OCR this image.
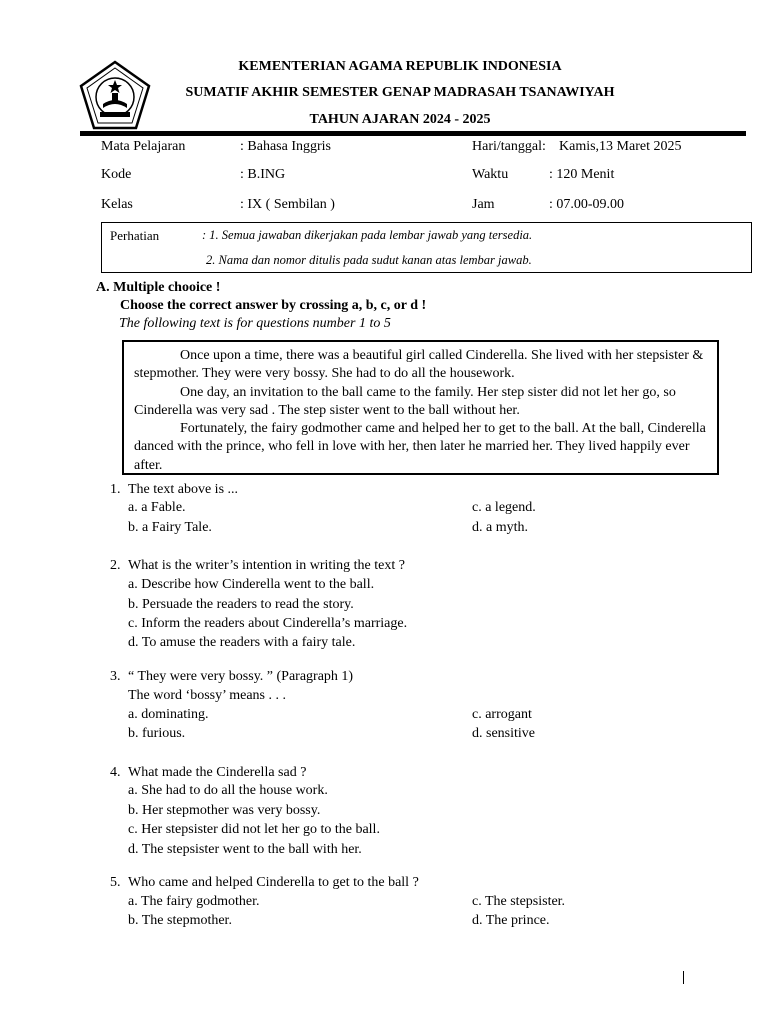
KEMENTERIAN AGAMA REPUBLIK INDONESIA
SUMATIF AKHIR SEMESTER GENAP MADRASAH TSANAWIYAH
TAHUN AJARAN 2024 - 2025
Mata Pelajaran	: Bahasa Inggris	Hari/tanggal: Kamis,13 Maret 2025
Kode	: B.ING	Waktu	: 120 Menit
Kelas	: IX ( Sembilan )	Jam	: 07.00-09.00
Perhatian	: 1. Semua jawaban dikerjakan pada lembar jawab yang tersedia.
2. Nama dan nomor ditulis pada sudut kanan atas lembar jawab.
A. Multiple chooice !
Choose the correct answer by crossing a, b, c, or d !
The following text is for questions number 1 to 5

Once upon a time, there was a beautiful girl called Cinderella. She lived with her stepsister & stepmother. They were very bossy. She had to do all the housework.

One day, an invitation to the ball came to the family. Her step sister did not let her go, so Cinderella was very sad . The step sister went to the ball without her.

Fortunately, the fairy godmother came and helped her to get to the ball. At the ball, Cinderella danced with the prince, who fell in love with her, then later he married her. They lived happily ever after.

1. The text above is ...
a. a Fable.
b. a Fairy Tale.
c. a legend.
d. a myth.
2. What is the writer’s intention in writing the text ?
a. Describe how Cinderella went to the ball.
b. Persuade the readers to read the story.
c. Inform the readers about Cinderella’s marriage.
d. To amuse the readers with a fairy tale.
3. “ They were very bossy. ” (Paragraph 1)
The word ‘bossy’ means . . .
a. dominating.
b. furious.
c. arrogant
d. sensitive
4. What made the Cinderella sad ?
a. She had to do all the house work.
b. Her stepmother was very bossy.
c. Her stepsister did not let her go to the ball.
d. The stepsister went to the ball with her.
5. Who came and helped Cinderella to get to the ball ?
a. The fairy godmother.
b. The stepmother.
c. The stepsister.
d. The prince.
